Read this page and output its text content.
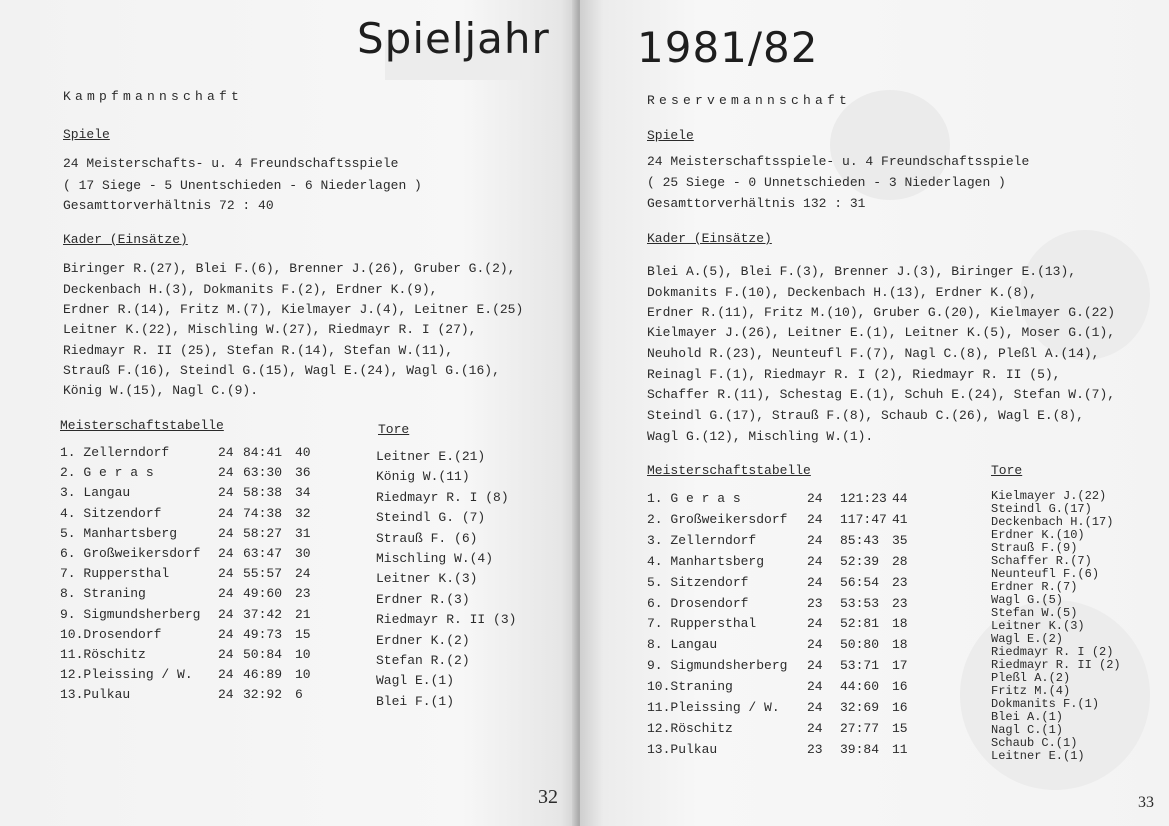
Spieljahr
Kampfmannschaft
Spiele
24 Meisterschafts- u. 4 Freundschaftsspiele
( 17 Siege - 5 Unentschieden - 6 Niederlagen )
Gesamttorverhältnis 72 : 40
Kader (Einsätze)
Biringer R.(27), Blei F.(6), Brenner J.(26), Gruber G.(2),
Deckenbach H.(3), Dokmanits F.(2), Erdner K.(9),
Erdner R.(14), Fritz M.(7), Kielmayer J.(4), Leitner E.(25)
Leitner K.(22), Mischling W.(27), Riedmayr R. I (27),
Riedmayr R. II (25), Stefan R.(14), Stefan W.(11),
Strauß F.(16), Steindl G.(15), Wagl E.(24), Wagl G.(16),
König W.(15), Nagl C.(9).
Meisterschaftstabelle	Tore
1. Zellerndorf	24 84:41 40
2. G e r a s	24 63:30 36
3. Langau	24 58:38 34
4. Sitzendorf	24 74:38 32
5. Manhartsberg	24 58:27 31
6. Großweikersdorf 24 63:47 30
7. Ruppersthal	24 55:57 24
8. Straning	24 49:60 23
9. Sigmundsherberg 24 37:42 21
10.Drosendorf	24 49:73 15
11.Röschitz	24 50:84 10
12.Pleissing / W. 24 46:89 10
13.Pulkau	24 32:92 6
Leitner E.(21)
König W.(11)
Riedmayr R. I (8)
Steindl G. (7)
Strauß F. (6)
Mischling W.(4)
Leitner K.(3)
Erdner R.(3)
Riedmayr R. II (3)
Erdner K.(2)
Stefan R.(2)
Wagl E.(1)
Blei F.(1)
32
1981/82
Reservemannschaft
Spiele
24 Meisterschaftsspiele- u. 4 Freundschaftsspiele
( 25 Siege - 0 Unnetschieden - 3 Niederlagen )
Gesamttorverhältnis 132 : 31
Kader (Einsätze)
Blei A.(5), Blei F.(3), Brenner J.(3), Biringer E.(13),
Dokmanits F.(10), Deckenbach H.(13), Erdner K.(8),
Erdner R.(11), Fritz M.(10), Gruber G.(20), Kielmayer G.(22)
Kielmayer J.(26), Leitner E.(1), Leitner K.(5), Moser G.(1),
Neuhold R.(23), Neunteufl F.(7), Nagl C.(8), Pleßl A.(14),
Reinagl F.(1), Riedmayr R. I (2), Riedmayr R. II (5),
Schaffer R.(11), Schestag E.(1), Schuh E.(24), Stefan W.(7),
Steindl G.(17), Strauß F.(8), Schaub C.(26), Wagl E.(8),
Wagl G.(12), Mischling W.(1).
Meisterschaftstabelle	Tore
1. G e r a s	24 121:23 44
2. Großweikersdorf 24 117:47 41
3. Zellerndorf	24 85:43 35
4. Manhartsberg	24 52:39 28
5. Sitzendorf	24 56:54 23
6. Drosendorf	23 53:53 23
7. Ruppersthal	24 52:81 18
8. Langau	24 50:80 18
9. Sigmundsherberg 24 53:71 17
10.Straning	24 44:60 16
11.Pleissing / W. 24 32:69 16
12.Röschitz	24 27:77 15
13.Pulkau	23 39:84 11
Kielmayer J.(22)
Steindl G.(17)
Deckenbach H.(17)
Erdner K.(10)
Strauß F.(9)
Schaffer R.(7)
Neunteufl F.(6)
Erdner R.(7)
Wagl G.(5)
Stefan W.(5)
Leitner K.(3)
Wagl E.(2)
Riedmayr R. I (2)
Riedmayr R. II (2)
Pleßl A.(2)
Fritz M.(4)
Dokmanits F.(1)
Blei A.(1)
Nagl C.(1)
Schaub C.(1)
Leitner E.(1)
33
